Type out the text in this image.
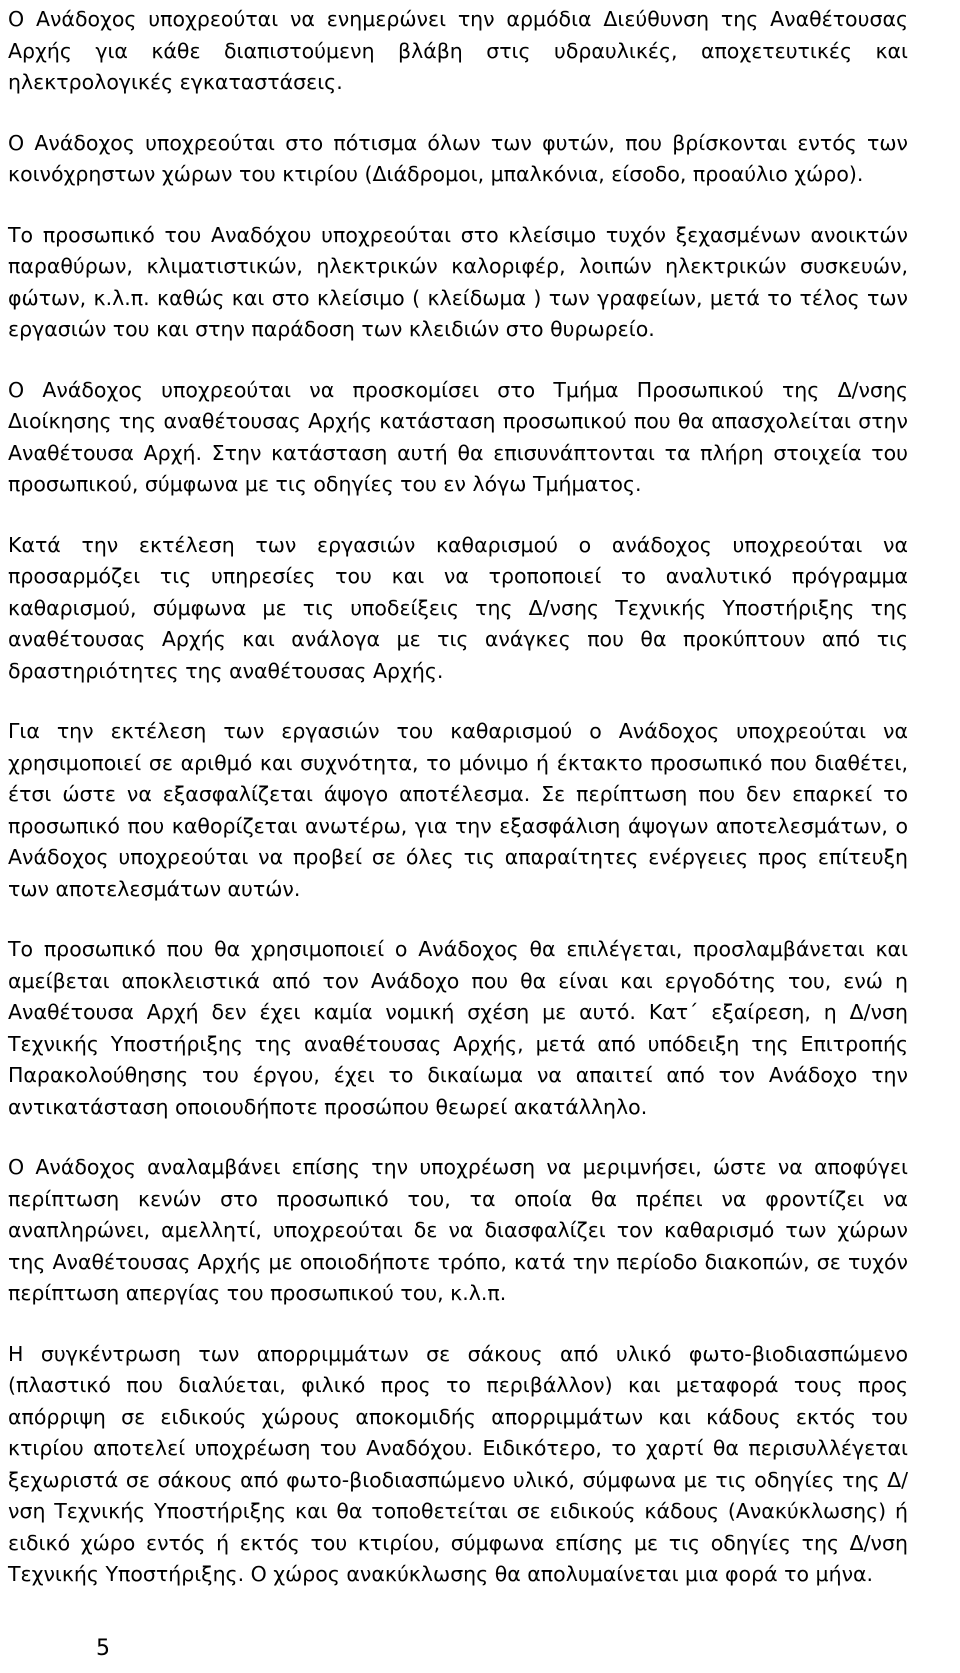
Ο Ανάδοχος υποχρεούται να ενημερώνει την αρμόδια Διεύθυνση της Αναθέτουσας Αρχής για κάθε διαπιστούμενη βλάβη στις υδραυλικές, αποχετευτικές και ηλεκτρολογικές εγκαταστάσεις.

Ο Ανάδοχος υποχρεούται στο πότισμα όλων των φυτών, που βρίσκονται εντός των κοινόχρηστων χώρων του κτιρίου (Διάδρομοι, μπαλκόνια, είσοδο, προαύλιο χώρο).

Το προσωπικό του Αναδόχου υποχρεούται στο κλείσιμο τυχόν ξεχασμένων ανοικτών παραθύρων, κλιματιστικών, ηλεκτρικών καλοριφέρ, λοιπών ηλεκτρικών συσκευών, φώτων, κ.λ.π. καθώς και στο κλείσιμο ( κλείδωμα ) των γραφείων, μετά το τέλος των εργασιών του και στην παράδοση των κλειδιών στο θυρωρείο.

Ο Ανάδοχος υποχρεούται να προσκομίσει στο Τμήμα Προσωπικού της Δ/νσης Διοίκησης της αναθέτουσας Αρχής κατάσταση προσωπικού που θα απασχολείται στην Αναθέτουσα Αρχή. Στην κατάσταση αυτή θα επισυνάπτονται τα πλήρη στοιχεία του προσωπικού, σύμφωνα με τις οδηγίες του εν λόγω Τμήματος.

Κατά την εκτέλεση των εργασιών καθαρισμού ο ανάδοχος υποχρεούται να προσαρμόζει τις υπηρεσίες του και να τροποποιεί το αναλυτικό πρόγραμμα καθαρισμού, σύμφωνα με τις υποδείξεις της Δ/νσης Τεχνικής Υποστήριξης της αναθέτουσας Αρχής και ανάλογα με τις ανάγκες που θα προκύπτουν από τις δραστηριότητες της αναθέτουσας Αρχής.

Για την εκτέλεση των εργασιών του καθαρισμού ο Ανάδοχος υποχρεούται να χρησιμοποιεί σε αριθμό και συχνότητα, το μόνιμο ή έκτακτο προσωπικό που διαθέτει, έτσι ώστε να εξασφαλίζεται άψογο αποτέλεσμα. Σε περίπτωση που δεν επαρκεί το προσωπικό που καθορίζεται ανωτέρω, για την εξασφάλιση άψογων αποτελεσμάτων, ο Ανάδοχος υποχρεούται να προβεί σε όλες τις απαραίτητες ενέργειες προς επίτευξη των αποτελεσμάτων αυτών.

Το προσωπικό που θα χρησιμοποιεί ο Ανάδοχος θα επιλέγεται, προσλαμβάνεται και αμείβεται αποκλειστικά από τον Ανάδοχο που θα είναι και εργοδότης του, ενώ η Αναθέτουσα Αρχή δεν έχει καμία νομική σχέση με αυτό. Κατ΄ εξαίρεση, η Δ/νση Τεχνικής Υποστήριξης της αναθέτουσας Αρχής, μετά από υπόδειξη της Επιτροπής Παρακολούθησης του έργου, έχει το δικαίωμα να απαιτεί από τον Ανάδοχο την αντικατάσταση οποιουδήποτε προσώπου θεωρεί ακατάλληλο.

Ο Ανάδοχος αναλαμβάνει επίσης την υποχρέωση να μεριμνήσει, ώστε να αποφύγει περίπτωση κενών στο προσωπικό του, τα οποία θα πρέπει να φροντίζει να αναπληρώνει, αμελλητί, υποχρεούται δε να διασφαλίζει τον καθαρισμό των χώρων της Αναθέτουσας Αρχής με οποιοδήποτε τρόπο, κατά την περίοδο διακοπών, σε τυχόν περίπτωση απεργίας του προσωπικού του, κ.λ.π.

Η συγκέντρωση των απορριμμάτων σε σάκους από υλικό φωτο-βιοδιασπώμενο (πλαστικό που διαλύεται, φιλικό προς το περιβάλλον) και μεταφορά τους προς απόρριψη σε ειδικούς χώρους αποκομιδής απορριμμάτων και κάδους εκτός του κτιρίου αποτελεί υποχρέωση του Αναδόχου. Ειδικότερο, το χαρτί θα περισυλλέγεται ξεχωριστά σε σάκους από φωτο-βιοδιασπώμενο υλικό, σύμφωνα με τις οδηγίες της Δ/νση Τεχνικής Υποστήριξης και θα τοποθετείται σε ειδικούς κάδους (Ανακύκλωσης) ή ειδικό χώρο εντός ή εκτός του κτιρίου, σύμφωνα επίσης με τις οδηγίες της Δ/νση Τεχνικής Υποστήριξης. Ο χώρος ανακύκλωσης θα απολυμαίνεται μια φορά το μήνα.

5
